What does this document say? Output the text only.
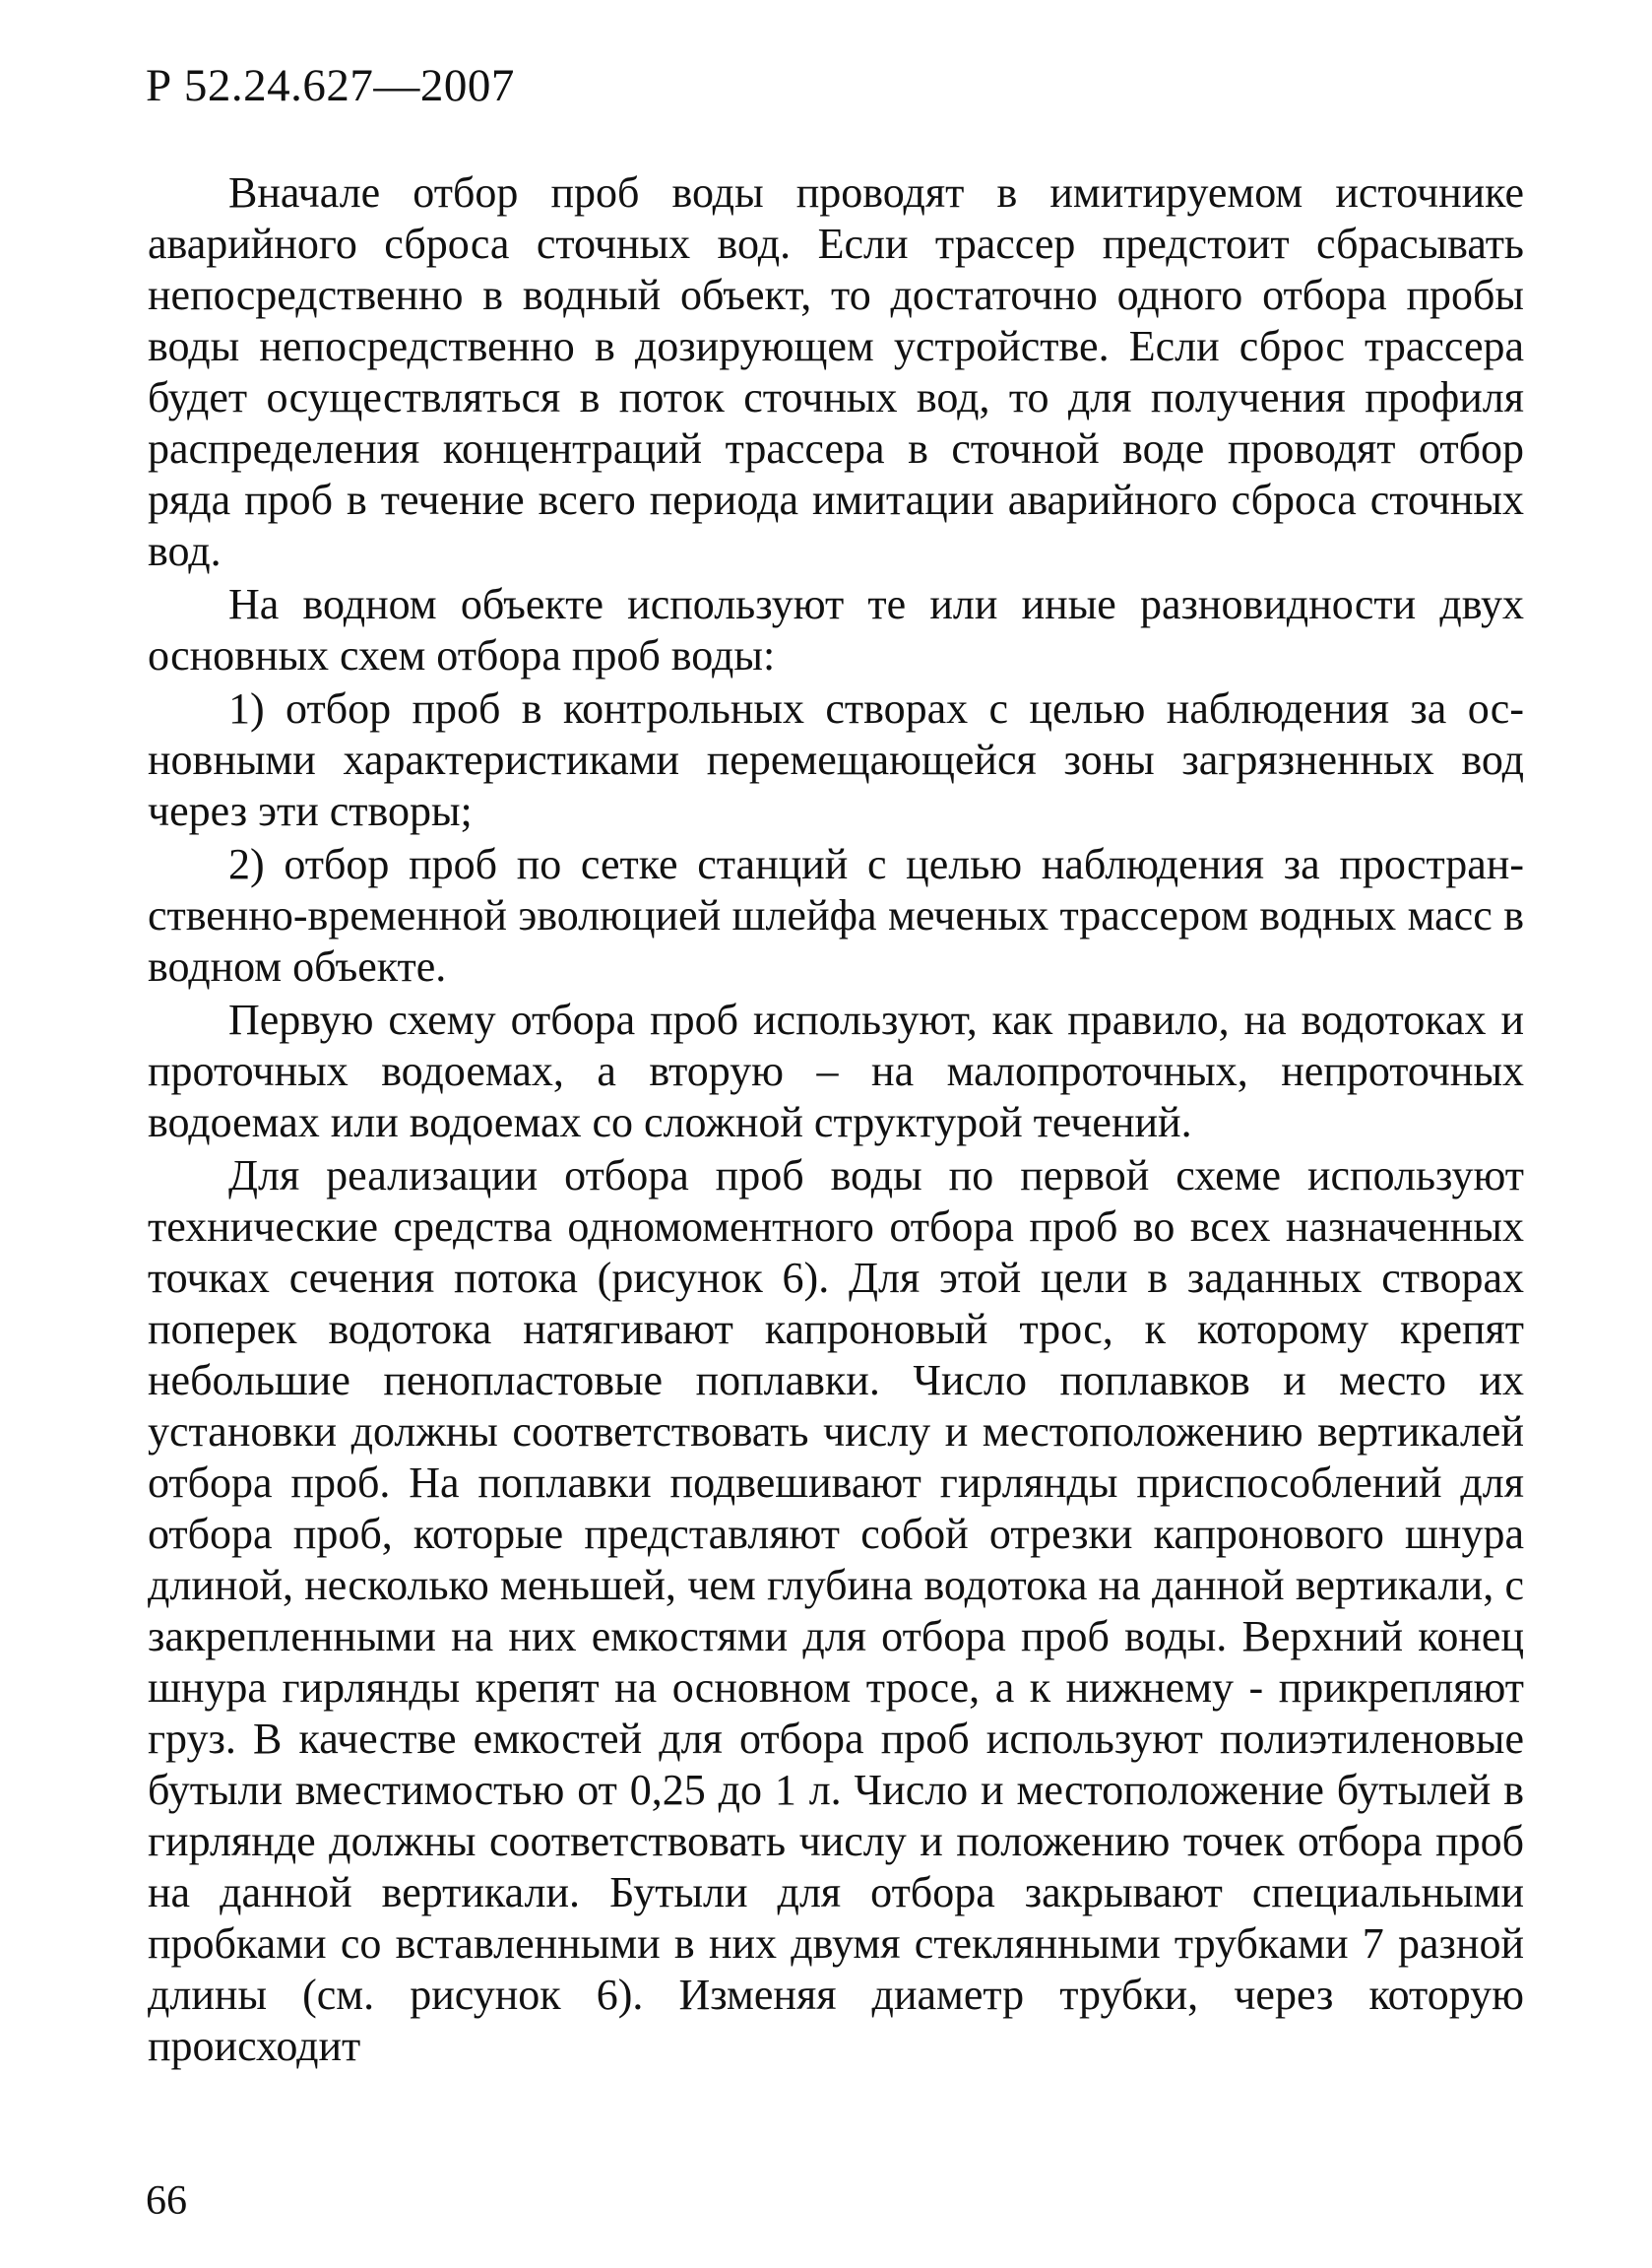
Р 52.24.627—2007

Вначале отбор проб воды проводят в имитируемом источнике аварийного сброса сточных вод. Если трассер предстоит сбрасывать непосредственно в водный объект, то достаточно одного отбора пробы воды непосредственно в дозирующем устройстве. Если сброс трассера будет осуществляться в поток сточных вод, то для получения профиля распределения концентраций трассера в сточной воде проводят отбор ряда проб в течение всего периода имитации аварийного сброса сточных вод.

На водном объекте используют те или иные разновидности двух основных схем отбора проб воды:

1) отбор проб в контрольных створах с целью наблюдения за основными характеристиками перемещающейся зоны загрязненных вод через эти створы;

2) отбор проб по сетке станций с целью наблюдения за пространственно-временной эволюцией шлейфа меченых трассером водных масс в водном объекте.

Первую схему отбора проб используют, как правило, на водотоках и проточных водоемах, а вторую – на малопроточных, непроточных водоемах или водоемах со сложной структурой течений.

Для реализации отбора проб воды по первой схеме используют технические средства одномоментного отбора проб во всех назначенных точках сечения потока (рисунок 6). Для этой цели в заданных створах поперек водотока натягивают капроновый трос, к которому крепят небольшие пенопластовые поплавки. Число поплавков и место их установки должны соответствовать числу и местоположению вертикалей отбора проб. На поплавки подвешивают гирлянды приспособлений для отбора проб, которые представляют собой отрезки капронового шнура длиной, несколько меньшей, чем глубина водотока на данной вертикали, с закрепленными на них емкостями для отбора проб воды. Верхний конец шнура гирлянды крепят на основном тросе, а к нижнему - прикрепляют груз. В качестве емкостей для отбора проб используют полиэтиленовые бутыли вместимостью от 0,25 до 1 л. Число и местоположение бутылей в гирлянде должны соответствовать числу и положению точек отбора проб на данной вертикали. Бутыли для отбора закрывают специальными пробками со вставленными в них двумя стеклянными трубками 7 разной длины (см. рисунок 6). Изменяя диаметр трубки, через которую происходит

66
